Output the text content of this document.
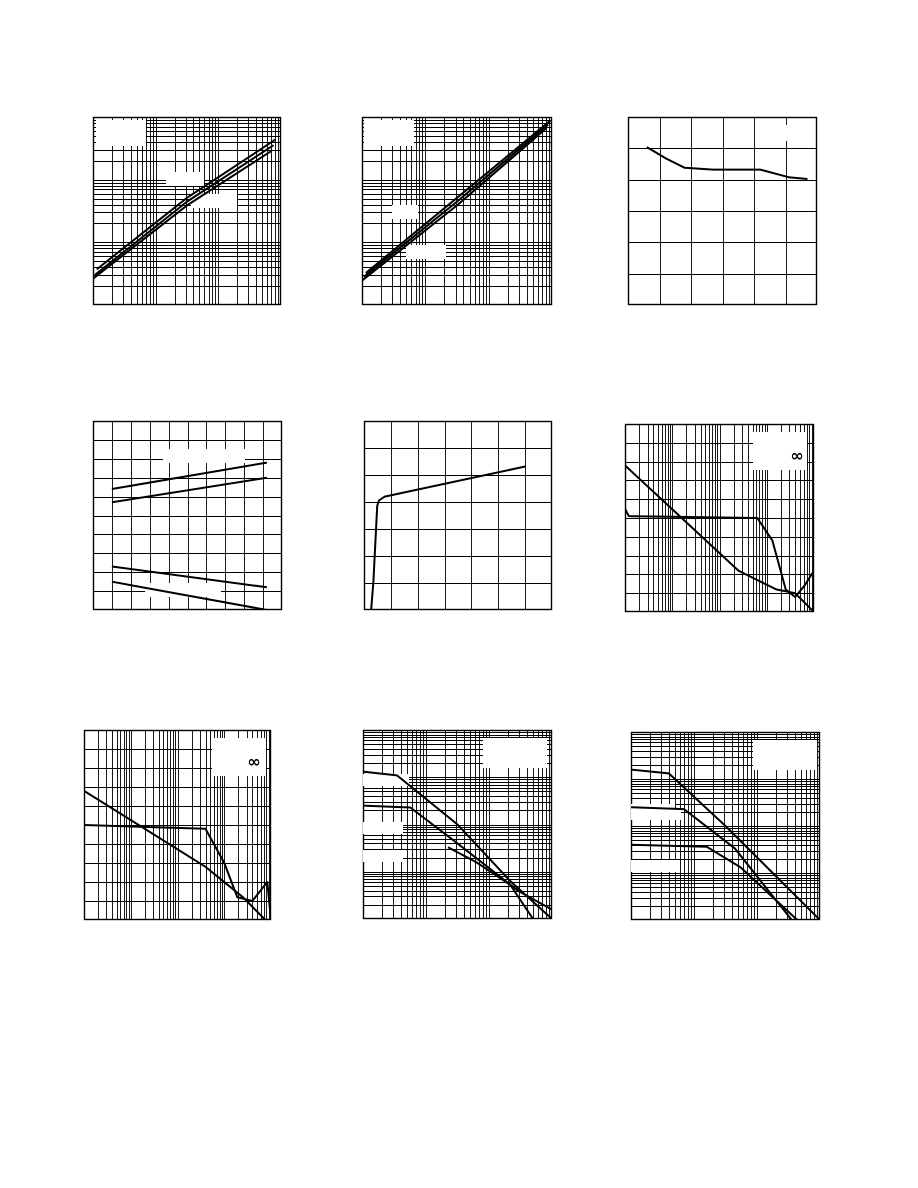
∞
∞
